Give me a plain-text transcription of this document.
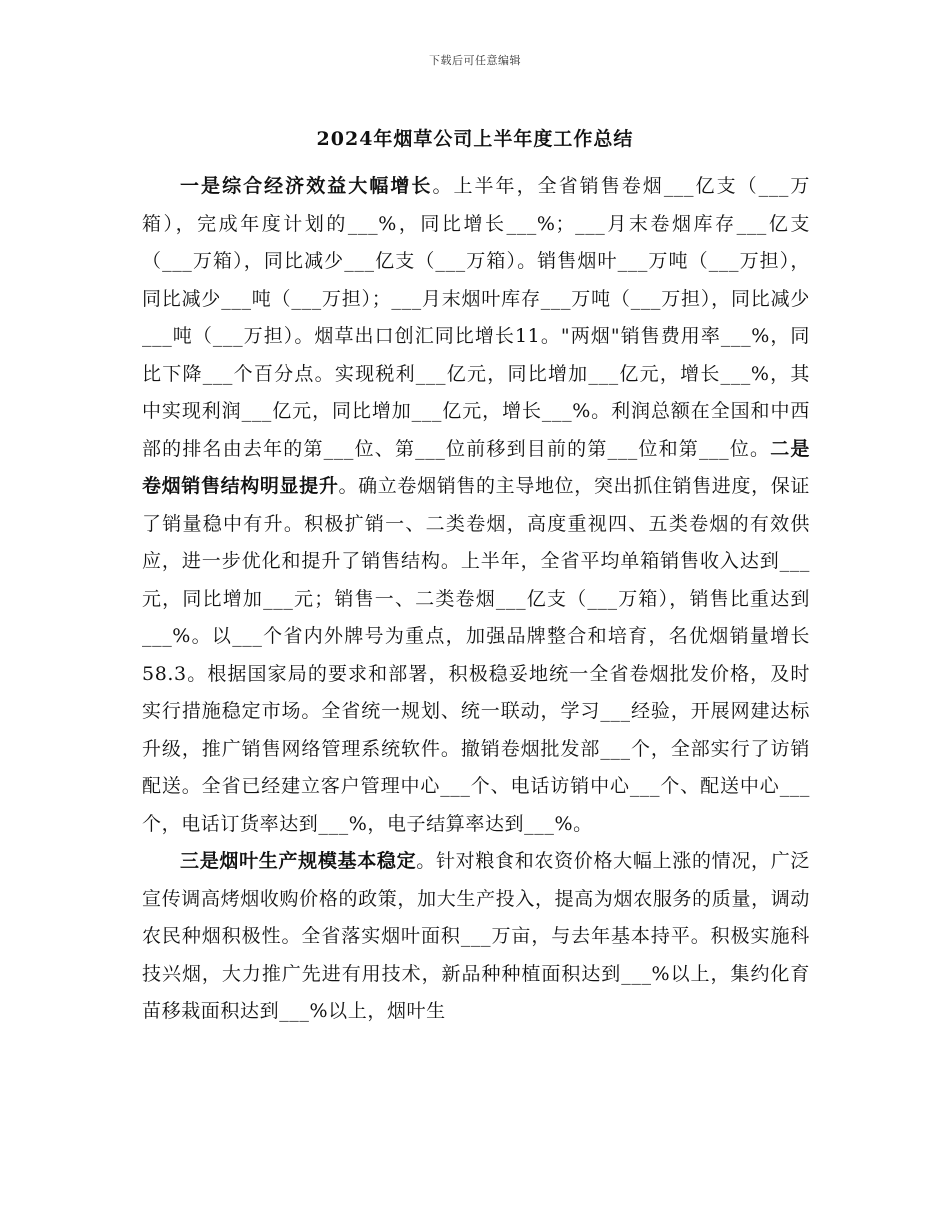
下载后可任意编辑
2024年烟草公司上半年度工作总结

一是综合经济效益大幅增长。上半年，全省销售卷烟___亿支（___万箱），完成年度计划的___%，同比增长___%；___月末卷烟库存___亿支（___万箱），同比减少___亿支（___万箱）。销售烟叶___万吨（___万担），同比减少___吨（___万担）；___月末烟叶库存___万吨（___万担），同比减少___吨（___万担）。烟草出口创汇同比增长11。"两烟"销售费用率___%，同比下降___个百分点。实现税利___亿元，同比增加___亿元，增长___%，其中实现利润___亿元，同比增加___亿元，增长___%。利润总额在全国和中西部的排名由去年的第___位、第___位前移到目前的第___位和第___位。二是卷烟销售结构明显提升。确立卷烟销售的主导地位，突出抓住销售进度，保证了销量稳中有升。积极扩销一、二类卷烟，高度重视四、五类卷烟的有效供应，进一步优化和提升了销售结构。上半年，全省平均单箱销售收入达到___元，同比增加___元；销售一、二类卷烟___亿支（___万箱），销售比重达到___%。以___个省内外牌号为重点，加强品牌整合和培育，名优烟销量增长58.3。根据国家局的要求和部署，积极稳妥地统一全省卷烟批发价格，及时实行措施稳定市场。全省统一规划、统一联动，学习___经验，开展网建达标升级，推广销售网络管理系统软件。撤销卷烟批发部___个，全部实行了访销配送。全省已经建立客户管理中心___个、电话访销中心___个、配送中心___个，电话订货率达到___%，电子结算率达到___%。

三是烟叶生产规模基本稳定。针对粮食和农资价格大幅上涨的情况，广泛宣传调高烤烟收购价格的政策，加大生产投入，提高为烟农服务的质量，调动农民种烟积极性。全省落实烟叶面积___万亩，与去年基本持平。积极实施科技兴烟，大力推广先进有用技术，新品种种植面积达到___%以上，集约化育苗移栽面积达到___%以上，烟叶生
